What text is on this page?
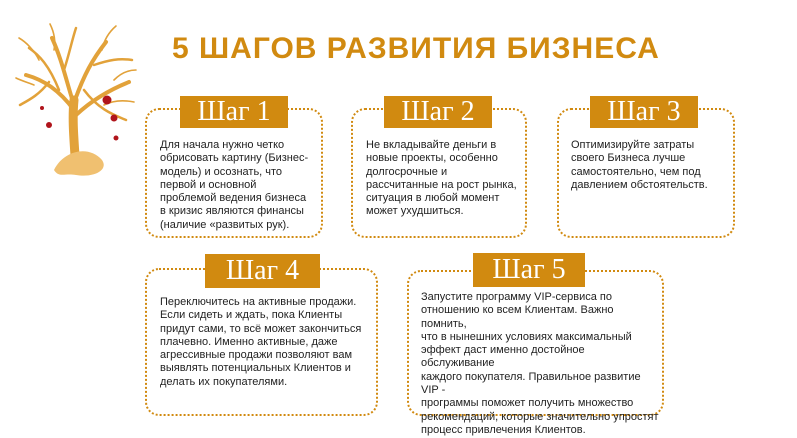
5 ШАГОВ РАЗВИТИЯ БИЗНЕСА
Шаг 1
Для начала нужно четко
обрисовать картину (Бизнес-
модель) и осознать, что
первой и основной
проблемой ведения бизнеса
в кризис являются финансы
(наличие «развитых рук).
Шаг 2
Не вкладывайте деньги в
новые проекты, особенно
долгосрочные и
рассчитанные на рост рынка,
ситуация в любой момент
может ухудшиться.
Шаг 3
Оптимизируйте затраты
своего Бизнеса лучше
самостоятельно, чем под
давлением обстоятельств.
Шаг 4
Переключитесь на активные продажи.
Если сидеть и ждать, пока Клиенты
придут сами, то всё может закончиться
плачевно. Именно активные, даже
агрессивные продажи позволяют вам
выявлять потенциальных Клиентов и
делать их покупателями.
Шаг 5
Запустите программу VIP-сервиса по
отношению ко всем Клиентам. Важно помнить,
что в нынешних условиях максимальный
эффект даст именно достойное обслуживание
каждого покупателя. Правильное развитие VIP -
программы поможет получить множество
рекомендаций, которые значительно упростят
процесс привлечения Клиентов.
